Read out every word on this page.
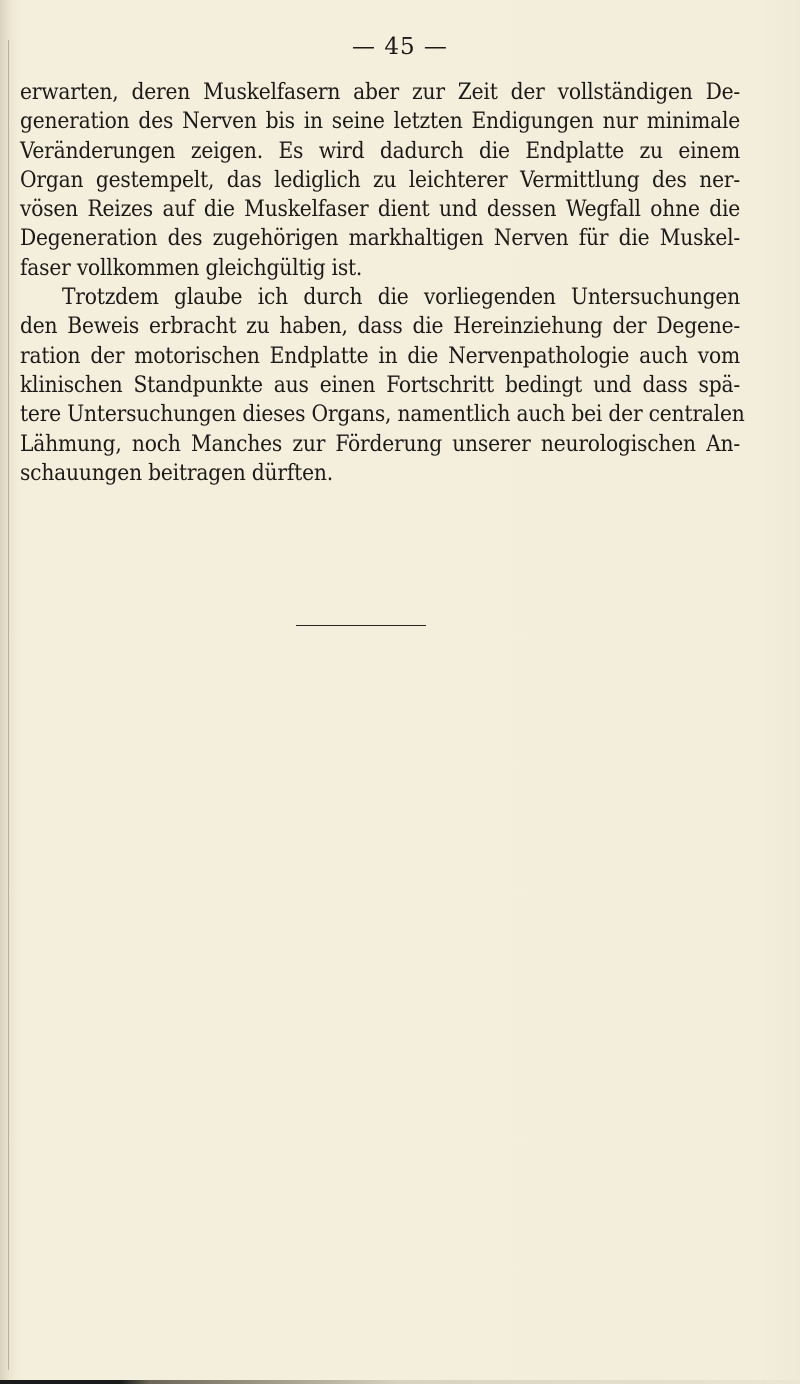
— 45 —
erwarten, deren Muskelfasern aber zur Zeit der vollständigen De-
generation des Nerven bis in seine letzten Endigungen nur minimale
Veränderungen zeigen. Es wird dadurch die Endplatte zu einem
Organ gestempelt, das lediglich zu leichterer Vermittlung des ner-
vösen Reizes auf die Muskelfaser dient und dessen Wegfall ohne die
Degeneration des zugehörigen markhaltigen Nerven für die Muskel-
faser vollkommen gleichgültig ist.
Trotzdem glaube ich durch die vorliegenden Untersuchungen
den Beweis erbracht zu haben, dass die Hereinziehung der Degene-
ration der motorischen Endplatte in die Nervenpathologie auch vom
klinischen Standpunkte aus einen Fortschritt bedingt und dass spä-
tere Untersuchungen dieses Organs, namentlich auch bei der centralen
Lähmung, noch Manches zur Förderung unserer neurologischen An-
schauungen beitragen dürften.
